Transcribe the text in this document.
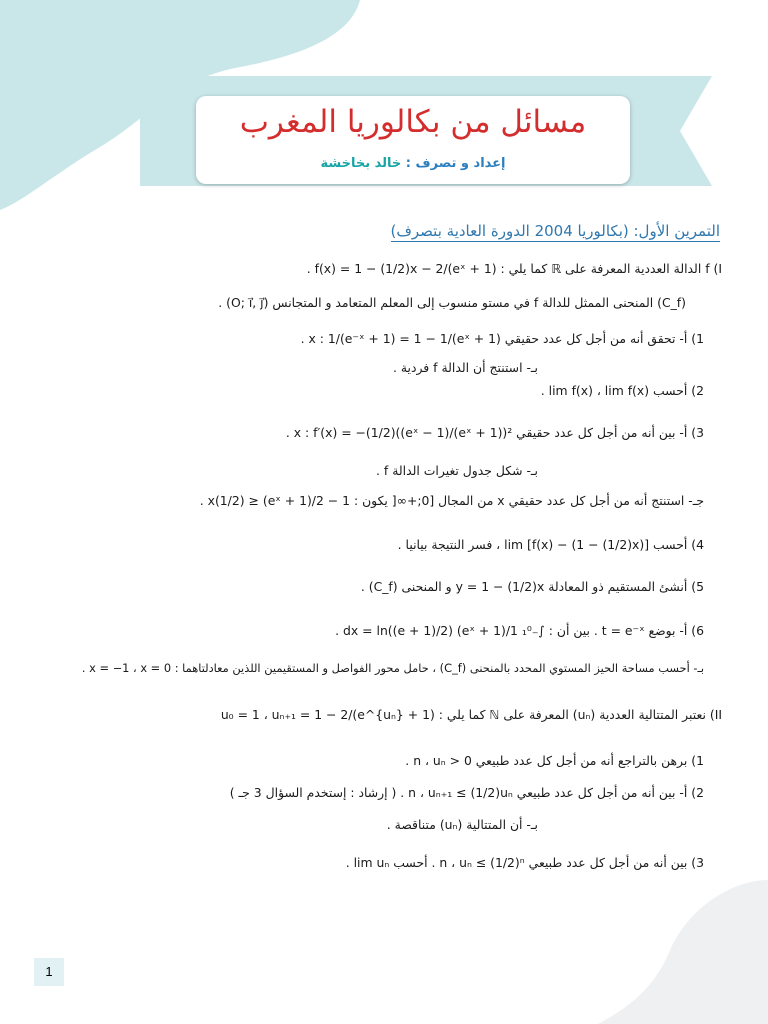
مسائل من بكالوريا المغرب
إعداد و تصرف : خالد بخاخشة
التمرين الأول: (بكالوريا 2004 الدورة العادية بتصرف)
f (I الدالة العددية المعرفة على ℝ كما يلي : f(x) = 1 − (1/2)x − 2/(eˣ + 1) .
(C_f) المنحنى الممثل للدالة f في مستو منسوب إلى المعلم المتعامد و المتجانس (O; i⃗, j⃗) .
1) أ- تحقق أنه من أجل كل عدد حقيقي x : 1/(e⁻ˣ + 1) = 1 − 1/(eˣ + 1) .
بـ- استنتج أن الدالة f فردية .
2) أحسب lim f(x) ، lim f(x) .
3) أ- بين أنه من أجل كل عدد حقيقي x : f′(x) = −(1/2)((eˣ − 1)/(eˣ + 1))² .
بـ- شكل جدول تغيرات الدالة f .
جـ- استنتج أنه من أجل كل عدد حقيقي x من المجال [0;+∞[ يكون : 1 − 2/(eˣ + 1) ≤ (1/2)x .
4) أحسب lim [f(x) − (1 − (1/2)x)] ، فسر النتيجة بيانيا .
5) أنشئ المستقيم ذو المعادلة y = 1 − (1/2)x و المنحنى (C_f) .
6) أ- بوضع t = e⁻ˣ . بين أن : ∫₋₁⁰ 1/(1 + eˣ) dx = ln((e + 1)/2) .
بـ- أحسب مساحة الحيز المستوي المحدد بالمنحنى (C_f) ، حامل محور الفواصل و المستقيمين اللذين معادلتاهما : x = −1 ، x = 0 .
II) نعتبر المتتالية العددية (uₙ) المعرفة على ℕ كما يلي : u₀ = 1 ، uₙ₊₁ = 1 − 2/(e^{uₙ} + 1)
1) برهن بالتراجع أنه من أجل كل عدد طبيعي n ، uₙ > 0 .
2) أ- بين أنه من أجل كل عدد طبيعي n ، uₙ₊₁ ≤ (1/2)uₙ . ( إرشاد : إستخدم السؤال 3 جـ )
بـ- أن المتتالية (uₙ) متناقصة .
3) بين أنه من أجل كل عدد طبيعي n ، uₙ ≤ (1/2)ⁿ . أحسب lim uₙ .
1
